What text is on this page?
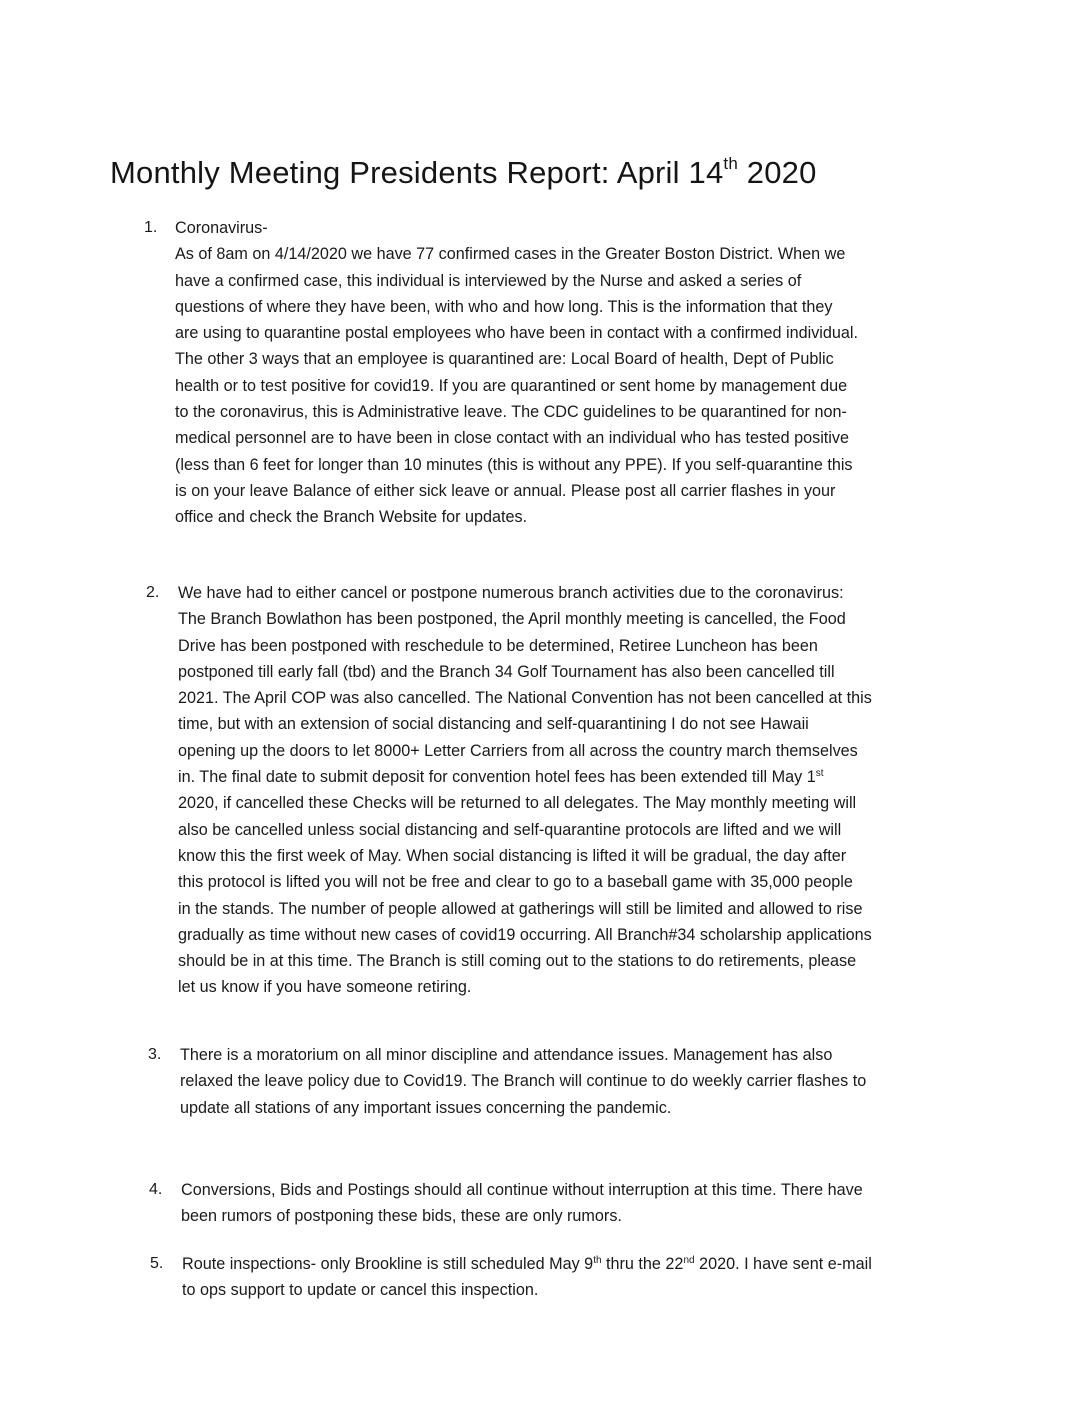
Monthly Meeting Presidents Report: April 14th 2020
1. Coronavirus-
As of 8am on 4/14/2020 we have 77 confirmed cases in the Greater Boston District. When we
have a confirmed case, this individual is interviewed by the Nurse and asked a series of
questions of where they have been, with who and how long. This is the information that they
are using to quarantine postal employees who have been in contact with a confirmed individual.
The other 3 ways that an employee is quarantined are: Local Board of health, Dept of Public
health or to test positive for covid19. If you are quarantined or sent home by management due
to the coronavirus, this is Administrative leave. The CDC guidelines to be quarantined for non-
medical personnel are to have been in close contact with an individual who has tested positive
(less than 6 feet for longer than 10 minutes (this is without any PPE). If you self-quarantine this
is on your leave Balance of either sick leave or annual. Please post all carrier flashes in your
office and check the Branch Website for updates.
2. We have had to either cancel or postpone numerous branch activities due to the coronavirus:
The Branch Bowlathon has been postponed, the April monthly meeting is cancelled, the Food
Drive has been postponed with reschedule to be determined, Retiree Luncheon has been
postponed till early fall (tbd) and the Branch 34 Golf Tournament has also been cancelled till
2021. The April COP was also cancelled. The National Convention has not been cancelled at this
time, but with an extension of social distancing and self-quarantining I do not see Hawaii
opening up the doors to let 8000+ Letter Carriers from all across the country march themselves
in. The final date to submit deposit for convention hotel fees has been extended till May 1st
2020, if cancelled these Checks will be returned to all delegates. The May monthly meeting will
also be cancelled unless social distancing and self-quarantine protocols are lifted and we will
know this the first week of May. When social distancing is lifted it will be gradual, the day after
this protocol is lifted you will not be free and clear to go to a baseball game with 35,000 people
in the stands. The number of people allowed at gatherings will still be limited and allowed to rise
gradually as time without new cases of covid19 occurring. All Branch#34 scholarship applications
should be in at this time. The Branch is still coming out to the stations to do retirements, please
let us know if you have someone retiring.
3. There is a moratorium on all minor discipline and attendance issues. Management has also
relaxed the leave policy due to Covid19. The Branch will continue to do weekly carrier flashes to
update all stations of any important issues concerning the pandemic.
4. Conversions, Bids and Postings should all continue without interruption at this time. There have
been rumors of postponing these bids, these are only rumors.
5. Route inspections- only Brookline is still scheduled May 9th thru the 22nd 2020. I have sent e-mail
to ops support to update or cancel this inspection.
